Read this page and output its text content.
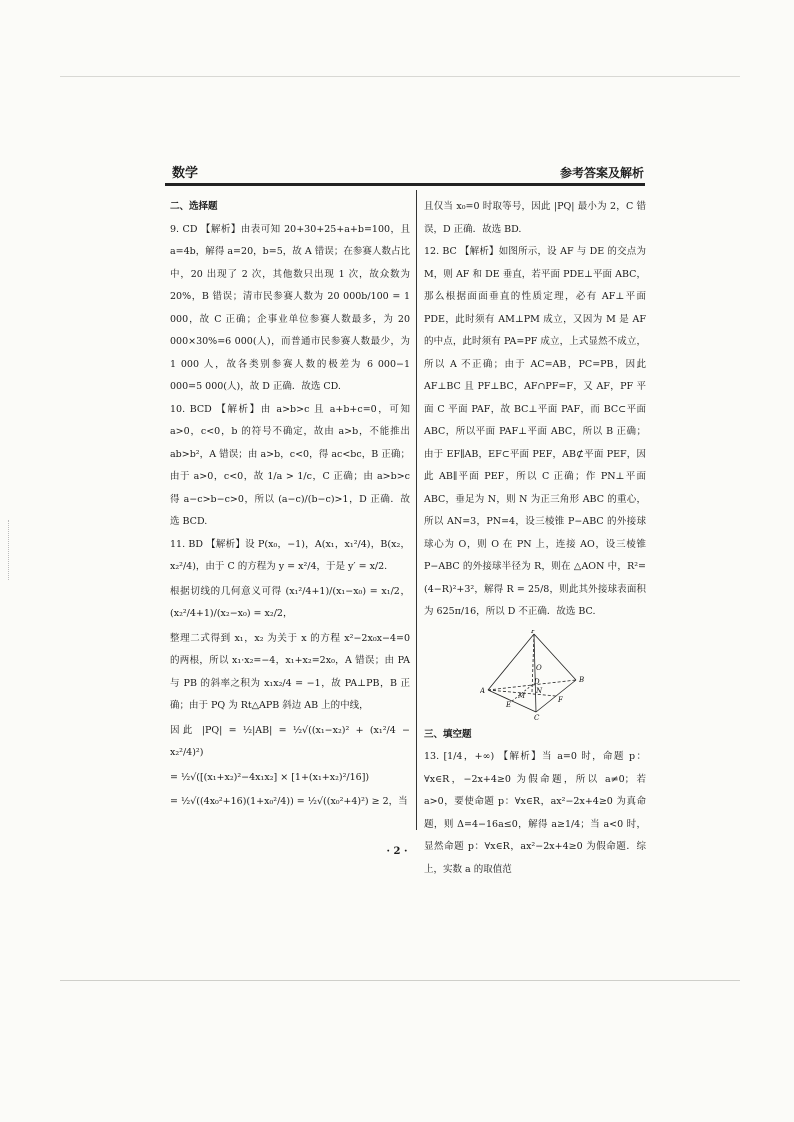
数学	参考答案及解析

二、选择题

9. CD 【解析】由表可知 20+30+25+a+b=100，且 a=4b，解得 a=20，b=5，故 A 错误；在参赛人数占比中，20 出现了 2 次，其他数只出现 1 次，故众数为 20%，B 错误；清市民参赛人数为 20 000b/100 = 1 000，故 C 正确；企事业单位参赛人数最多，为 20 000×30%=6 000(人)，而普通市民参赛人数最少，为 1 000 人，故各类别参赛人数的极差为 6 000−1 000=5 000(人)，故 D 正确．故选 CD.

10. BCD 【解析】由 a>b>c 且 a+b+c=0，可知 a>0，c<0，b 的符号不确定，故由 a>b，不能推出 ab>b²，A 错误；由 a>b，c<0，得 ac<bc，B 正确；由于 a>0，c<0，故 1/a > 1/c，C 正确；由 a>b>c 得 a−c>b−c>0，所以 (a−c)/(b−c)>1，D 正确．故选 BCD.

11. BD 【解析】设 P(x₀，−1)，A(x₁，x₁²/4)，B(x₂，x₂²/4)，由于 C 的方程为 y = x²/4，于是 y′ = x/2.

根据切线的几何意义可得 (x₁²/4+1)/(x₁−x₀) = x₁/2，(x₂²/4+1)/(x₂−x₀) = x₂/2，

整理二式得到 x₁，x₂ 为关于 x 的方程 x²−2x₀x−4=0 的两根，所以 x₁·x₂=−4，x₁+x₂=2x₀，A 错误；由 PA 与 PB 的斜率之积为 x₁x₂/4 = −1，故 PA⊥PB，B 正确；由于 PQ 为 Rt△APB 斜边 AB 上的中线，

因此 |PQ| = ½|AB| = ½√((x₁−x₂)² + (x₁²/4 − x₂²/4)²)

= ½√([(x₁+x₂)²−4x₁x₂] × [1+(x₁+x₂)²/16])

= ½√((4x₀²+16)(1+x₀²/4)) = ½√((x₀²+4)²) ≥ 2，当

且仅当 x₀=0 时取等号，因此 |PQ| 最小为 2，C 错误，D 正确．故选 BD.

12. BC 【解析】如图所示，设 AF 与 DE 的交点为 M，则 AF 和 DE 垂直，若平面 PDE⊥平面 ABC，那么根据面面垂直的性质定理，必有 AF⊥平面 PDE，此时须有 AM⊥PM 成立，又因为 M 是 AF 的中点，此时须有 PA=PF 成立，上式显然不成立，所以 A 不正确；由于 AC=AB，PC=PB，因此 AF⊥BC 且 PF⊥BC，AF∩PF=F，又 AF，PF 平面 C 平面 PAF，故 BC⊥平面 PAF，而 BC⊂平面 ABC，所以平面 PAF⊥平面 ABC，所以 B 正确；由于 EF∥AB，EF⊂平面 PEF，AB⊄平面 PEF，因此 AB∥平面 PEF，所以 C 正确；作 PN⊥平面 ABC，垂足为 N，则 N 为正三角形 ABC 的重心，所以 AN=3，PN=4，设三棱锥 P−ABC 的外接球球心为 O，则 O 在 PN 上，连接 AO，设三棱锥 P−ABC 的外接球半径为 R，则在 △AON 中，R²=(4−R)²+3²，解得 R = 25/8，则此其外接球表面积为 625π/16，所以 D 不正确．故选 BC.

P
A
B
C
D
E
F
M
N
O

三、填空题

13. [1/4，+∞) 【解析】当 a=0 时，命题 p：∀x∈R，−2x+4≥0 为假命题，所以 a≠0；若 a>0，要使命题 p：∀x∈R，ax²−2x+4≥0 为真命题，则 Δ=4−16a≤0，解得 a≥1/4；当 a<0 时，显然命题 p：∀x∈R，ax²−2x+4≥0 为假命题．综上，实数 a 的取值范

· 2 ·
